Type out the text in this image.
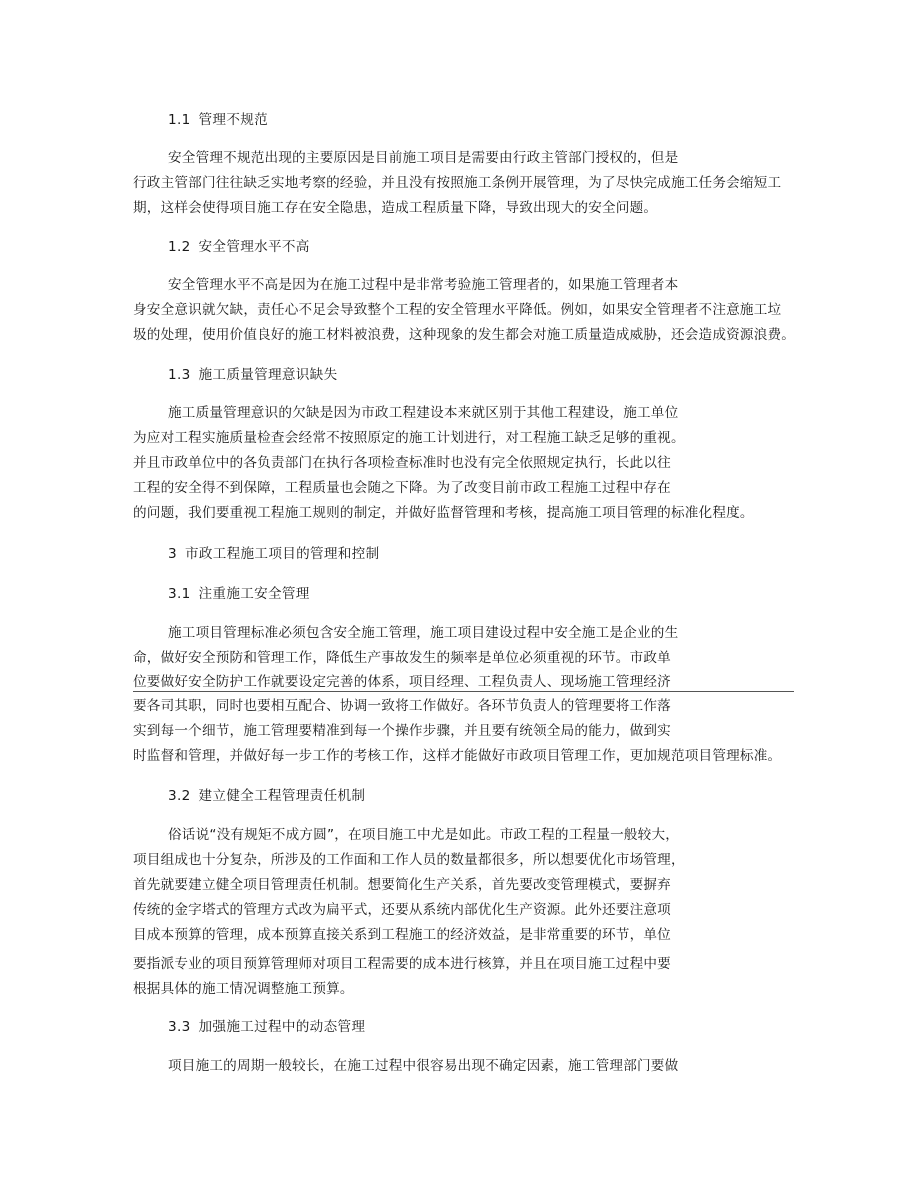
1.1 管理不规范
安全管理不规范出现的主要原因是目前施工项目是需要由行政主管部门授权的，但是
行政主管部门往往缺乏实地考察的经验，并且没有按照施工条例开展管理，为了尽快完成施工任务会缩短工
期，这样会使得项目施工存在安全隐患，造成工程质量下降，导致出现大的安全问题。
1.2 安全管理水平不高
安全管理水平不高是因为在施工过程中是非常考验施工管理者的，如果施工管理者本
身安全意识就欠缺，责任心不足会导致整个工程的安全管理水平降低。例如，如果安全管理者不注意施工垃
圾的处理，使用价值良好的施工材料被浪费，这种现象的发生都会对施工质量造成威胁，还会造成资源浪费。
1.3 施工质量管理意识缺失
施工质量管理意识的欠缺是因为市政工程建设本来就区别于其他工程建设，施工单位
为应对工程实施质量检查会经常不按照原定的施工计划进行，对工程施工缺乏足够的重视。
并且市政单位中的各负责部门在执行各项检查标准时也没有完全依照规定执行，长此以往
工程的安全得不到保障，工程质量也会随之下降。为了改变目前市政工程施工过程中存在
的问题，我们要重视工程施工规则的制定，并做好监督管理和考核，提高施工项目管理的标准化程度。
3 市政工程施工项目的管理和控制
3.1 注重施工安全管理
施工项目管理标准必须包含安全施工管理，施工项目建设过程中安全施工是企业的生
命，做好安全预防和管理工作，降低生产事故发生的频率是单位必须重视的环节。市政单
位要做好安全防护工作就要设定完善的体系，项目经理、工程负责人、现场施工管理经济
要各司其职，同时也要相互配合、协调一致将工作做好。各环节负责人的管理要将工作落
实到每一个细节，施工管理要精准到每一个操作步骤，并且要有统领全局的能力，做到实
时监督和管理，并做好每一步工作的考核工作，这样才能做好市政项目管理工作，更加规范项目管理标准。
3.2 建立健全工程管理责任机制
俗话说“没有规矩不成方圆”，在项目施工中尤是如此。市政工程的工程量一般较大，
项目组成也十分复杂，所涉及的工作面和工作人员的数量都很多，所以想要优化市场管理，
首先就要建立健全项目管理责任机制。想要简化生产关系，首先要改变管理模式，要摒弃
传统的金字塔式的管理方式改为扁平式，还要从系统内部优化生产资源。此外还要注意项
目成本预算的管理，成本预算直接关系到工程施工的经济效益，是非常重要的环节，单位
要指派专业的项目预算管理师对项目工程需要的成本进行核算，并且在项目施工过程中要
根据具体的施工情况调整施工预算。
3.3 加强施工过程中的动态管理
项目施工的周期一般较长，在施工过程中很容易出现不确定因素，施工管理部门要做
